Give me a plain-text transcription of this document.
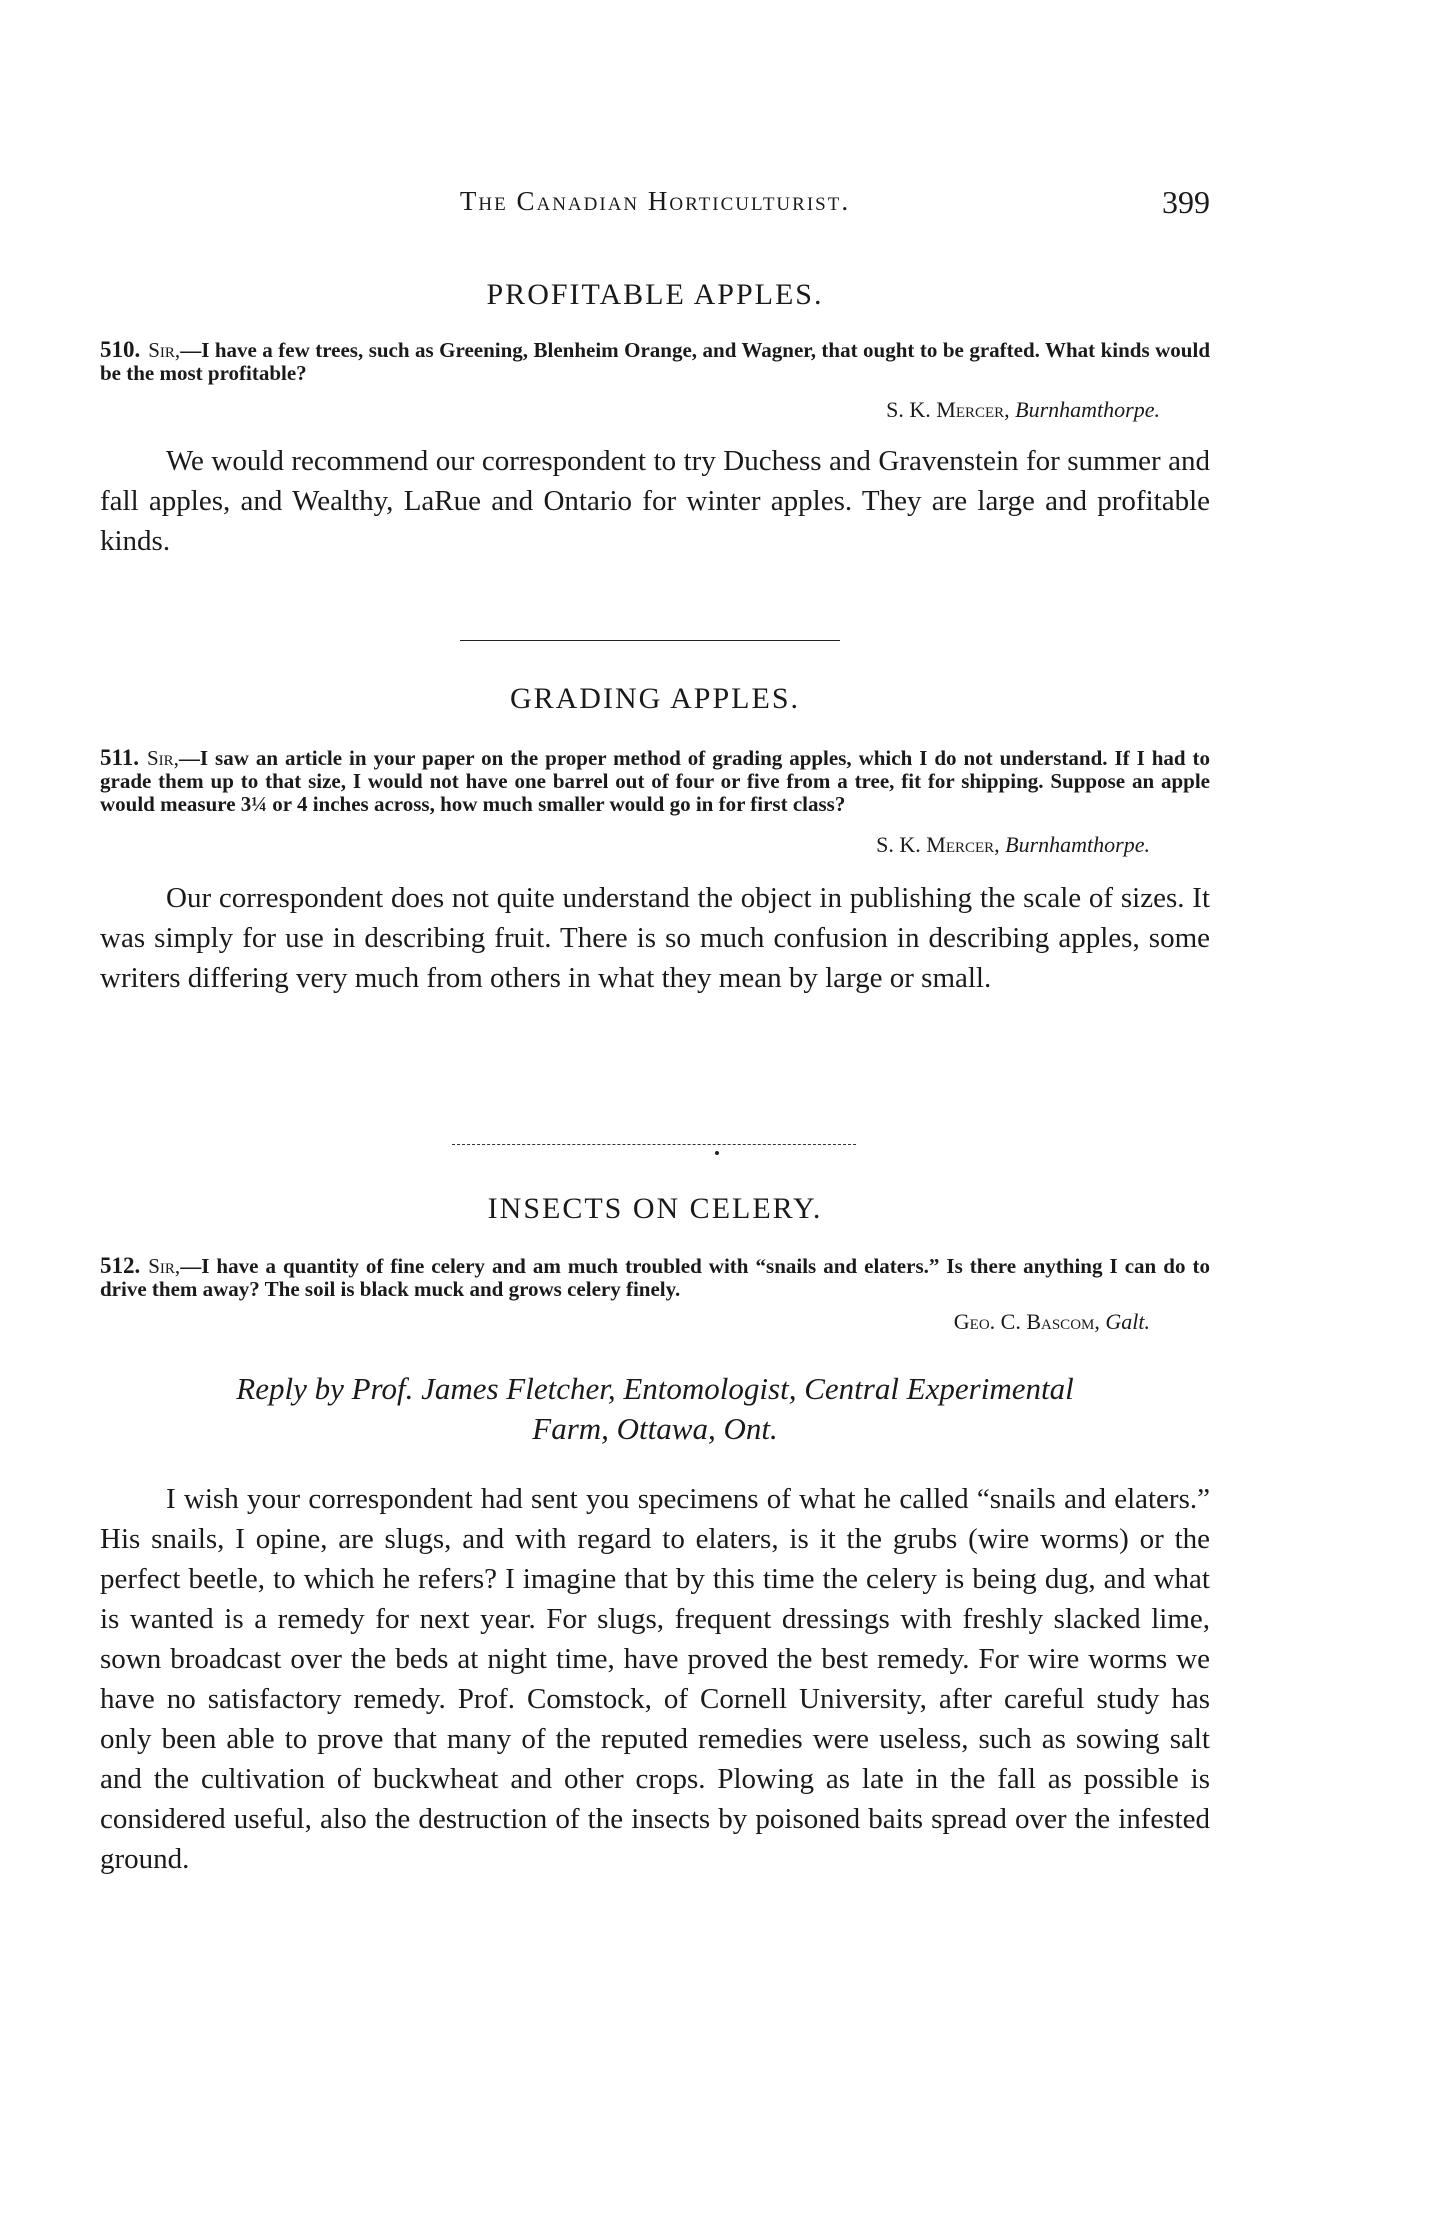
The Canadian Horticulturist.	399
PROFITABLE APPLES.

510. Sir,—I have a few trees, such as Greening, Blenheim Orange, and Wagner, that ought to be grafted. What kinds would be the most profitable?

S. K. Mercer, Burnhamthorpe.

We would recommend our correspondent to try Duchess and Gravenstein for summer and fall apples, and Wealthy, LaRue and Ontario for winter apples. They are large and profitable kinds.

GRADING APPLES.

511. Sir,—I saw an article in your paper on the proper method of grading apples, which I do not understand. If I had to grade them up to that size, I would not have one barrel out of four or five from a tree, fit for shipping. Suppose an apple would measure 3¼ or 4 inches across, how much smaller would go in for first class?

S. K. Mercer, Burnhamthorpe.

Our correspondent does not quite understand the object in publishing the scale of sizes. It was simply for use in describing fruit. There is so much confusion in describing apples, some writers differing very much from others in what they mean by large or small.

INSECTS ON CELERY.

512. Sir,—I have a quantity of fine celery and am much troubled with “snails and elaters.” Is there anything I can do to drive them away? The soil is black muck and grows celery finely.

Geo. C. Bascom, Galt.

Reply by Prof. James Fletcher, Entomologist, Central Experimental

Farm, Ottawa, Ont.

I wish your correspondent had sent you specimens of what he called “snails and elaters.” His snails, I opine, are slugs, and with regard to elaters, is it the grubs (wire worms) or the perfect beetle, to which he refers? I imagine that by this time the celery is being dug, and what is wanted is a remedy for next year. For slugs, frequent dressings with freshly slacked lime, sown broadcast over the beds at night time, have proved the best remedy. For wire worms we have no satisfactory remedy. Prof. Comstock, of Cornell University, after careful study has only been able to prove that many of the reputed remedies were useless, such as sowing salt and the cultivation of buckwheat and other crops. Plowing as late in the fall as possible is considered useful, also the destruction of the insects by poisoned baits spread over the infested ground.
